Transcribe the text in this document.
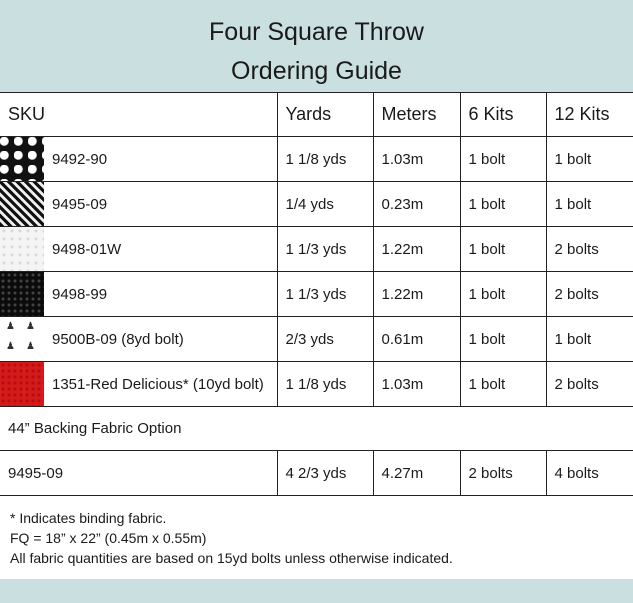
Four Square Throw
Ordering Guide
SKU	Yards	Meters	6 Kits	12 Kits

9492-90	1 1/8 yds	1.03m	1 bolt	1 bolt

9495-09	1/4 yds	0.23m	1 bolt	1 bolt

9498-01W	1 1/3 yds	1.22m	1 bolt	2 bolts

9498-99	1 1/3 yds	1.22m	1 bolt	2 bolts

♟ ♟
♟ ♟ 9500B-09 (8yd bolt)	2/3 yds	0.61m	1 bolt	1 bolt

1351-Red Delicious* (10yd bolt)	1 1/8 yds	1.03m	1 bolt	2 bolts
44” Backing Fabric Option				
9495-09	4 2/3 yds	4.27m	2 bolts	4 bolts
* Indicates binding fabric.
FQ = 18” x 22” (0.45m x 0.55m)
All fabric quantities are based on 15yd bolts unless otherwise indicated.
